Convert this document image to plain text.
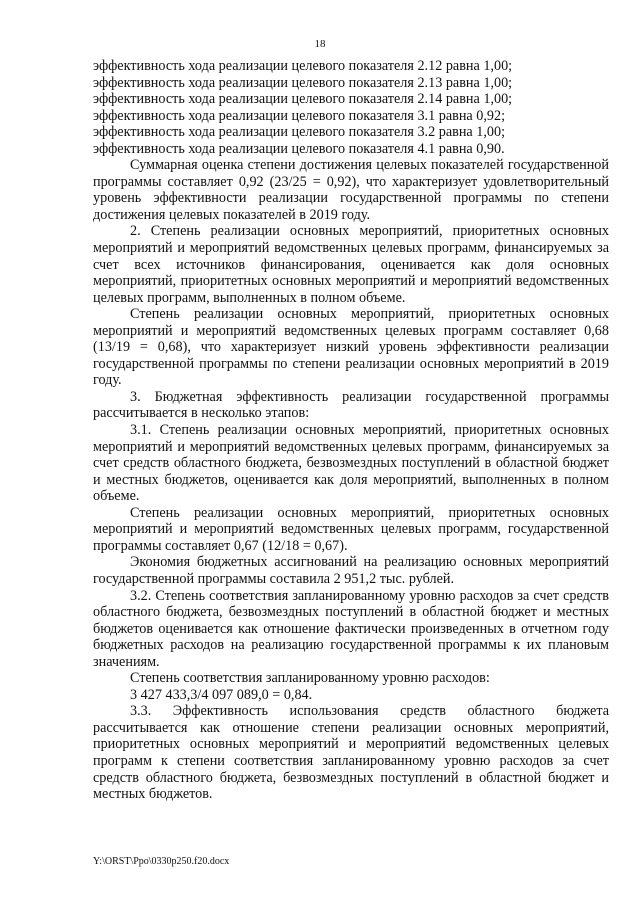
18

эффективность хода реализации целевого показателя 2.12 равна 1,00;

эффективность хода реализации целевого показателя 2.13 равна 1,00;

эффективность хода реализации целевого показателя 2.14 равна 1,00;

эффективность хода реализации целевого показателя 3.1 равна 0,92;

эффективность хода реализации целевого показателя 3.2 равна 1,00;

эффективность хода реализации целевого показателя 4.1 равна 0,90.

Суммарная оценка степени достижения целевых показателей государственной программы составляет 0,92 (23/25 = 0,92), что характеризует удовлетворительный уровень эффективности реализации государственной программы по степени достижения целевых показателей в 2019 году.

2. Степень реализации основных мероприятий, приоритетных основных мероприятий и мероприятий ведомственных целевых программ, финансируемых за счет всех источников финансирования, оценивается как доля основных мероприятий, приоритетных основных мероприятий и мероприятий ведомственных целевых программ, выполненных в полном объеме.

Степень реализации основных мероприятий, приоритетных основных мероприятий и мероприятий ведомственных целевых программ составляет 0,68 (13/19 = 0,68), что характеризует низкий уровень эффективности реализации государственной программы по степени реализации основных мероприятий в 2019 году.

3. Бюджетная эффективность реализации государственной программы рассчитывается в несколько этапов:

3.1. Степень реализации основных мероприятий, приоритетных основных мероприятий и мероприятий ведомственных целевых программ, финансируемых за счет средств областного бюджета, безвозмездных поступлений в областной бюджет и местных бюджетов, оценивается как доля мероприятий, выполненных в полном объеме.

Степень реализации основных мероприятий, приоритетных основных мероприятий и мероприятий ведомственных целевых программ, государственной программы составляет 0,67 (12/18 = 0,67).

Экономия бюджетных ассигнований на реализацию основных мероприятий государственной программы составила 2 951,2 тыс. рублей.

3.2. Степень соответствия запланированному уровню расходов за счет средств областного бюджета, безвозмездных поступлений в областной бюджет и местных бюджетов оценивается как отношение фактически произведенных в отчетном году бюджетных расходов на реализацию государственной программы к их плановым значениям.

Степень соответствия запланированному уровню расходов:

3 427 433,3/4 097 089,0 = 0,84.

3.3. Эффективность использования средств областного бюджета рассчитывается как отношение степени реализации основных мероприятий, приоритетных основных мероприятий и мероприятий ведомственных целевых программ к степени соответствия запланированному уровню расходов за счет средств областного бюджета, безвозмездных поступлений в областной бюджет и местных бюджетов.

Y:\ORST\Ppo\0330p250.f20.docx
